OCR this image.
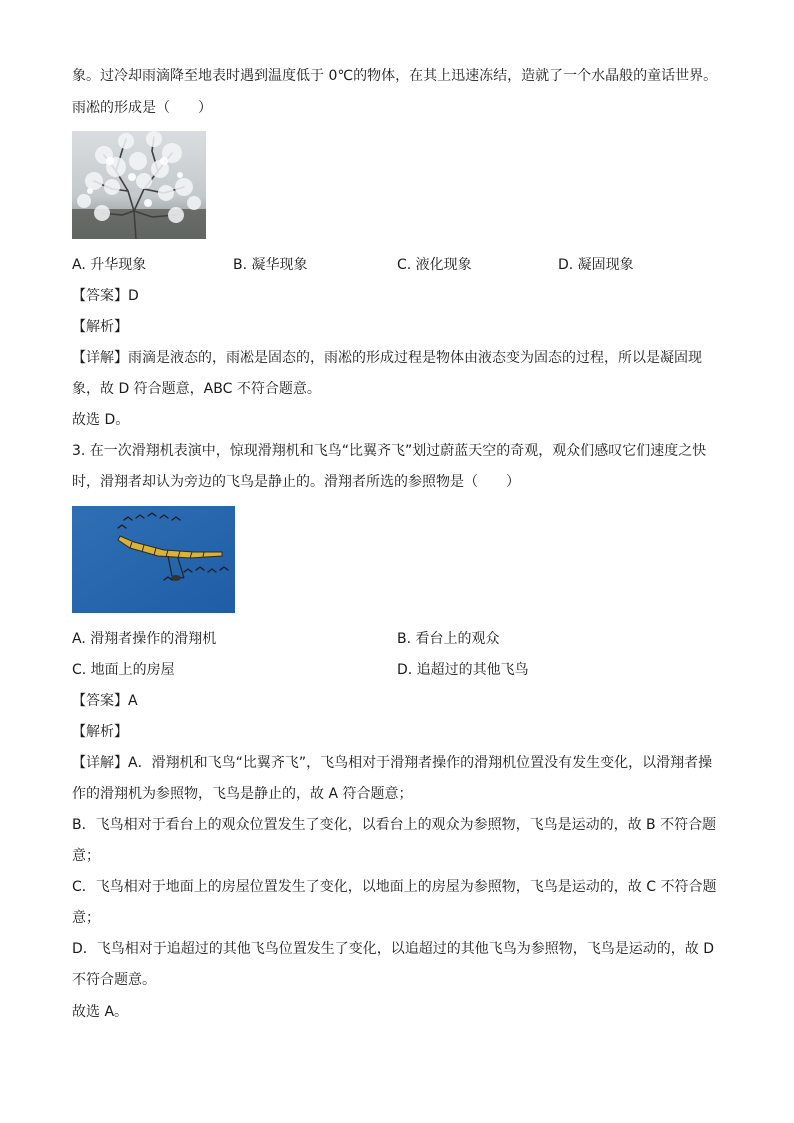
象。过冷却雨滴降至地表时遇到温度低于 0℃的物体，在其上迅速冻结，造就了一个水晶般的童话世界。
雨凇的形成是（　　）
A. 升华现象	B. 凝华现象	C. 液化现象	D. 凝固现象
【答案】D
【解析】
【详解】雨滴是液态的，雨凇是固态的，雨凇的形成过程是物体由液态变为固态的过程，所以是凝固现
象，故 D 符合题意，ABC 不符合题意。
故选 D。
3. 在一次滑翔机表演中，惊现滑翔机和飞鸟“比翼齐飞”划过蔚蓝天空的奇观，观众们感叹它们速度之快
时，滑翔者却认为旁边的飞鸟是静止的。滑翔者所选的参照物是（　　）
A. 滑翔者操作的滑翔机	B. 看台上的观众
C. 地面上的房屋	D. 追超过的其他飞鸟
【答案】A
【解析】
【详解】A．滑翔机和飞鸟“比翼齐飞”，飞鸟相对于滑翔者操作的滑翔机位置没有发生变化，以滑翔者操
作的滑翔机为参照物，飞鸟是静止的，故 A 符合题意；
B．飞鸟相对于看台上的观众位置发生了变化，以看台上的观众为参照物，飞鸟是运动的，故 B 不符合题
意；
C．飞鸟相对于地面上的房屋位置发生了变化，以地面上的房屋为参照物，飞鸟是运动的，故 C 不符合题
意；
D．飞鸟相对于追超过的其他飞鸟位置发生了变化，以追超过的其他飞鸟为参照物，飞鸟是运动的，故 D
不符合题意。
故选 A。
